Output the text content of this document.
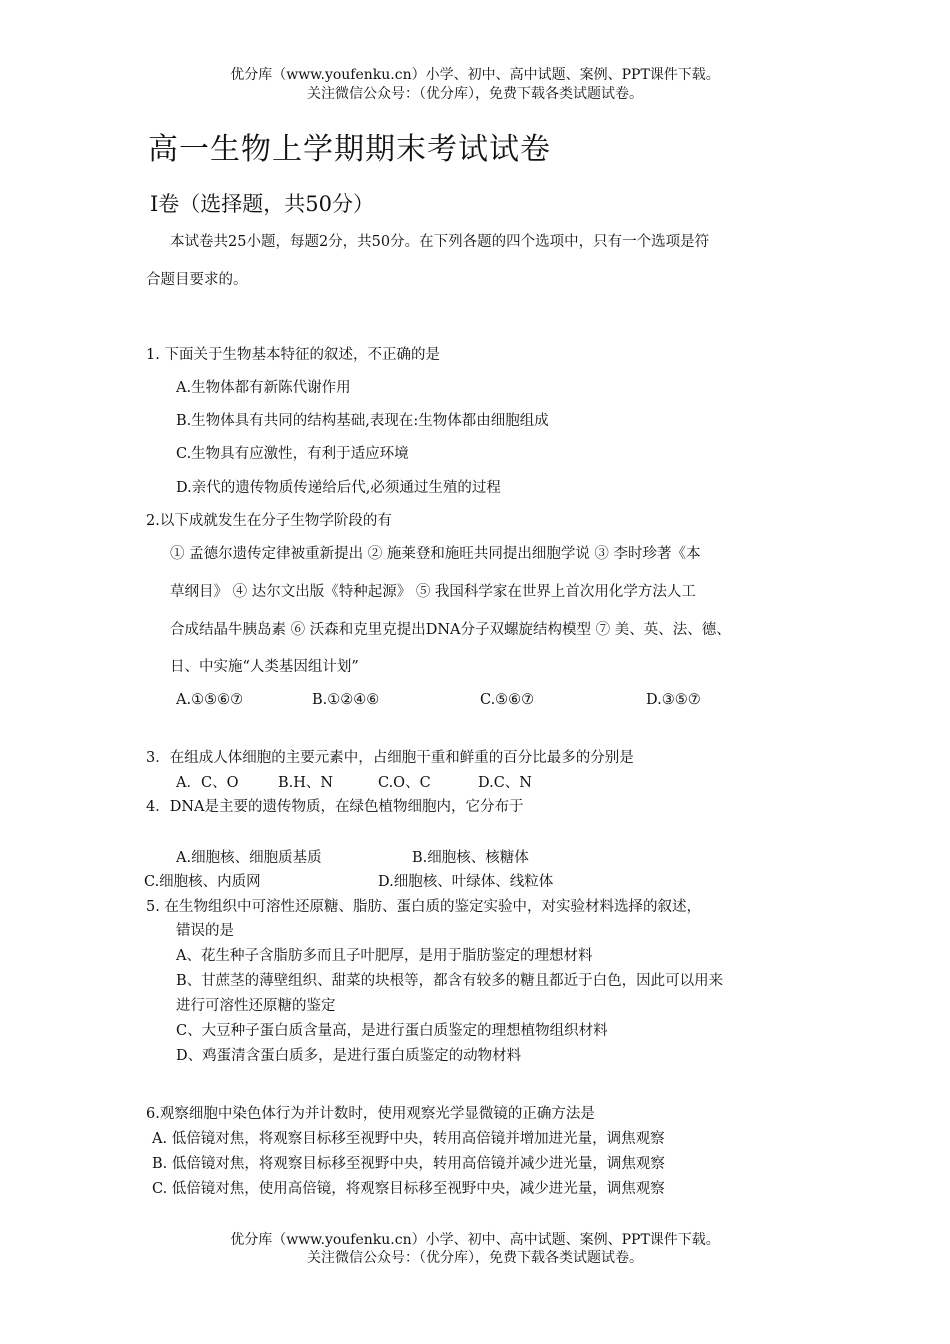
优分库（www.youfenku.cn）小学、初中、高中试题、案例、PPT课件下载。
关注微信公众号：（优分库），免费下载各类试题试卷。
高一生物上学期期末考试试卷
Ⅰ卷（选择题，共50分）
本试卷共25小题，每题2分，共50分。在下列各题的四个选项中，只有一个选项是符
合题目要求的。
1. 下面关于生物基本特征的叙述，不正确的是
A.生物体都有新陈代谢作用
B.生物体具有共同的结构基础,表现在:生物体都由细胞组成
C.生物具有应激性，有利于适应环境
D.亲代的遗传物质传递给后代,必须通过生殖的过程
2.以下成就发生在分子生物学阶段的有
① 孟德尔遗传定律被重新提出 ② 施莱登和施旺共同提出细胞学说 ③ 李时珍著《本
草纲目》 ④ 达尔文出版《特种起源》 ⑤ 我国科学家在世界上首次用化学方法人工
合成结晶牛胰岛素 ⑥ 沃森和克里克提出DNA分子双螺旋结构模型 ⑦ 美、英、法、德、
日、中实施“人类基因组计划”
A.①⑤⑥⑦	B.①②④⑥	C.⑤⑥⑦	D.③⑤⑦
3．在组成人体细胞的主要元素中，占细胞干重和鲜重的百分比最多的分别是
A．C、O	B.H、N	C.O、C	D.C、N
4．DNA是主要的遗传物质，在绿色植物细胞内，它分布于
A.细胞核、细胞质基质	B.细胞核、核糖体
C.细胞核、内质网	D.细胞核、叶绿体、线粒体
5. 在生物组织中可溶性还原糖、脂肪、蛋白质的鉴定实验中，对实验材料选择的叙述，
错误的是
A、花生种子含脂肪多而且子叶肥厚，是用于脂肪鉴定的理想材料
B、甘蔗茎的薄壁组织、甜菜的块根等，都含有较多的糖且都近于白色，因此可以用来
进行可溶性还原糖的鉴定
C、大豆种子蛋白质含量高，是进行蛋白质鉴定的理想植物组织材料
D、鸡蛋清含蛋白质多，是进行蛋白质鉴定的动物材料
6.观察细胞中染色体行为并计数时，使用观察光学显微镜的正确方法是
A. 低倍镜对焦，将观察目标移至视野中央，转用高倍镜并增加进光量，调焦观察
B. 低倍镜对焦，将观察目标移至视野中央，转用高倍镜并减少进光量，调焦观察
C. 低倍镜对焦，使用高倍镜，将观察目标移至视野中央，减少进光量，调焦观察
优分库（www.youfenku.cn）小学、初中、高中试题、案例、PPT课件下载。
关注微信公众号：（优分库），免费下载各类试题试卷。
